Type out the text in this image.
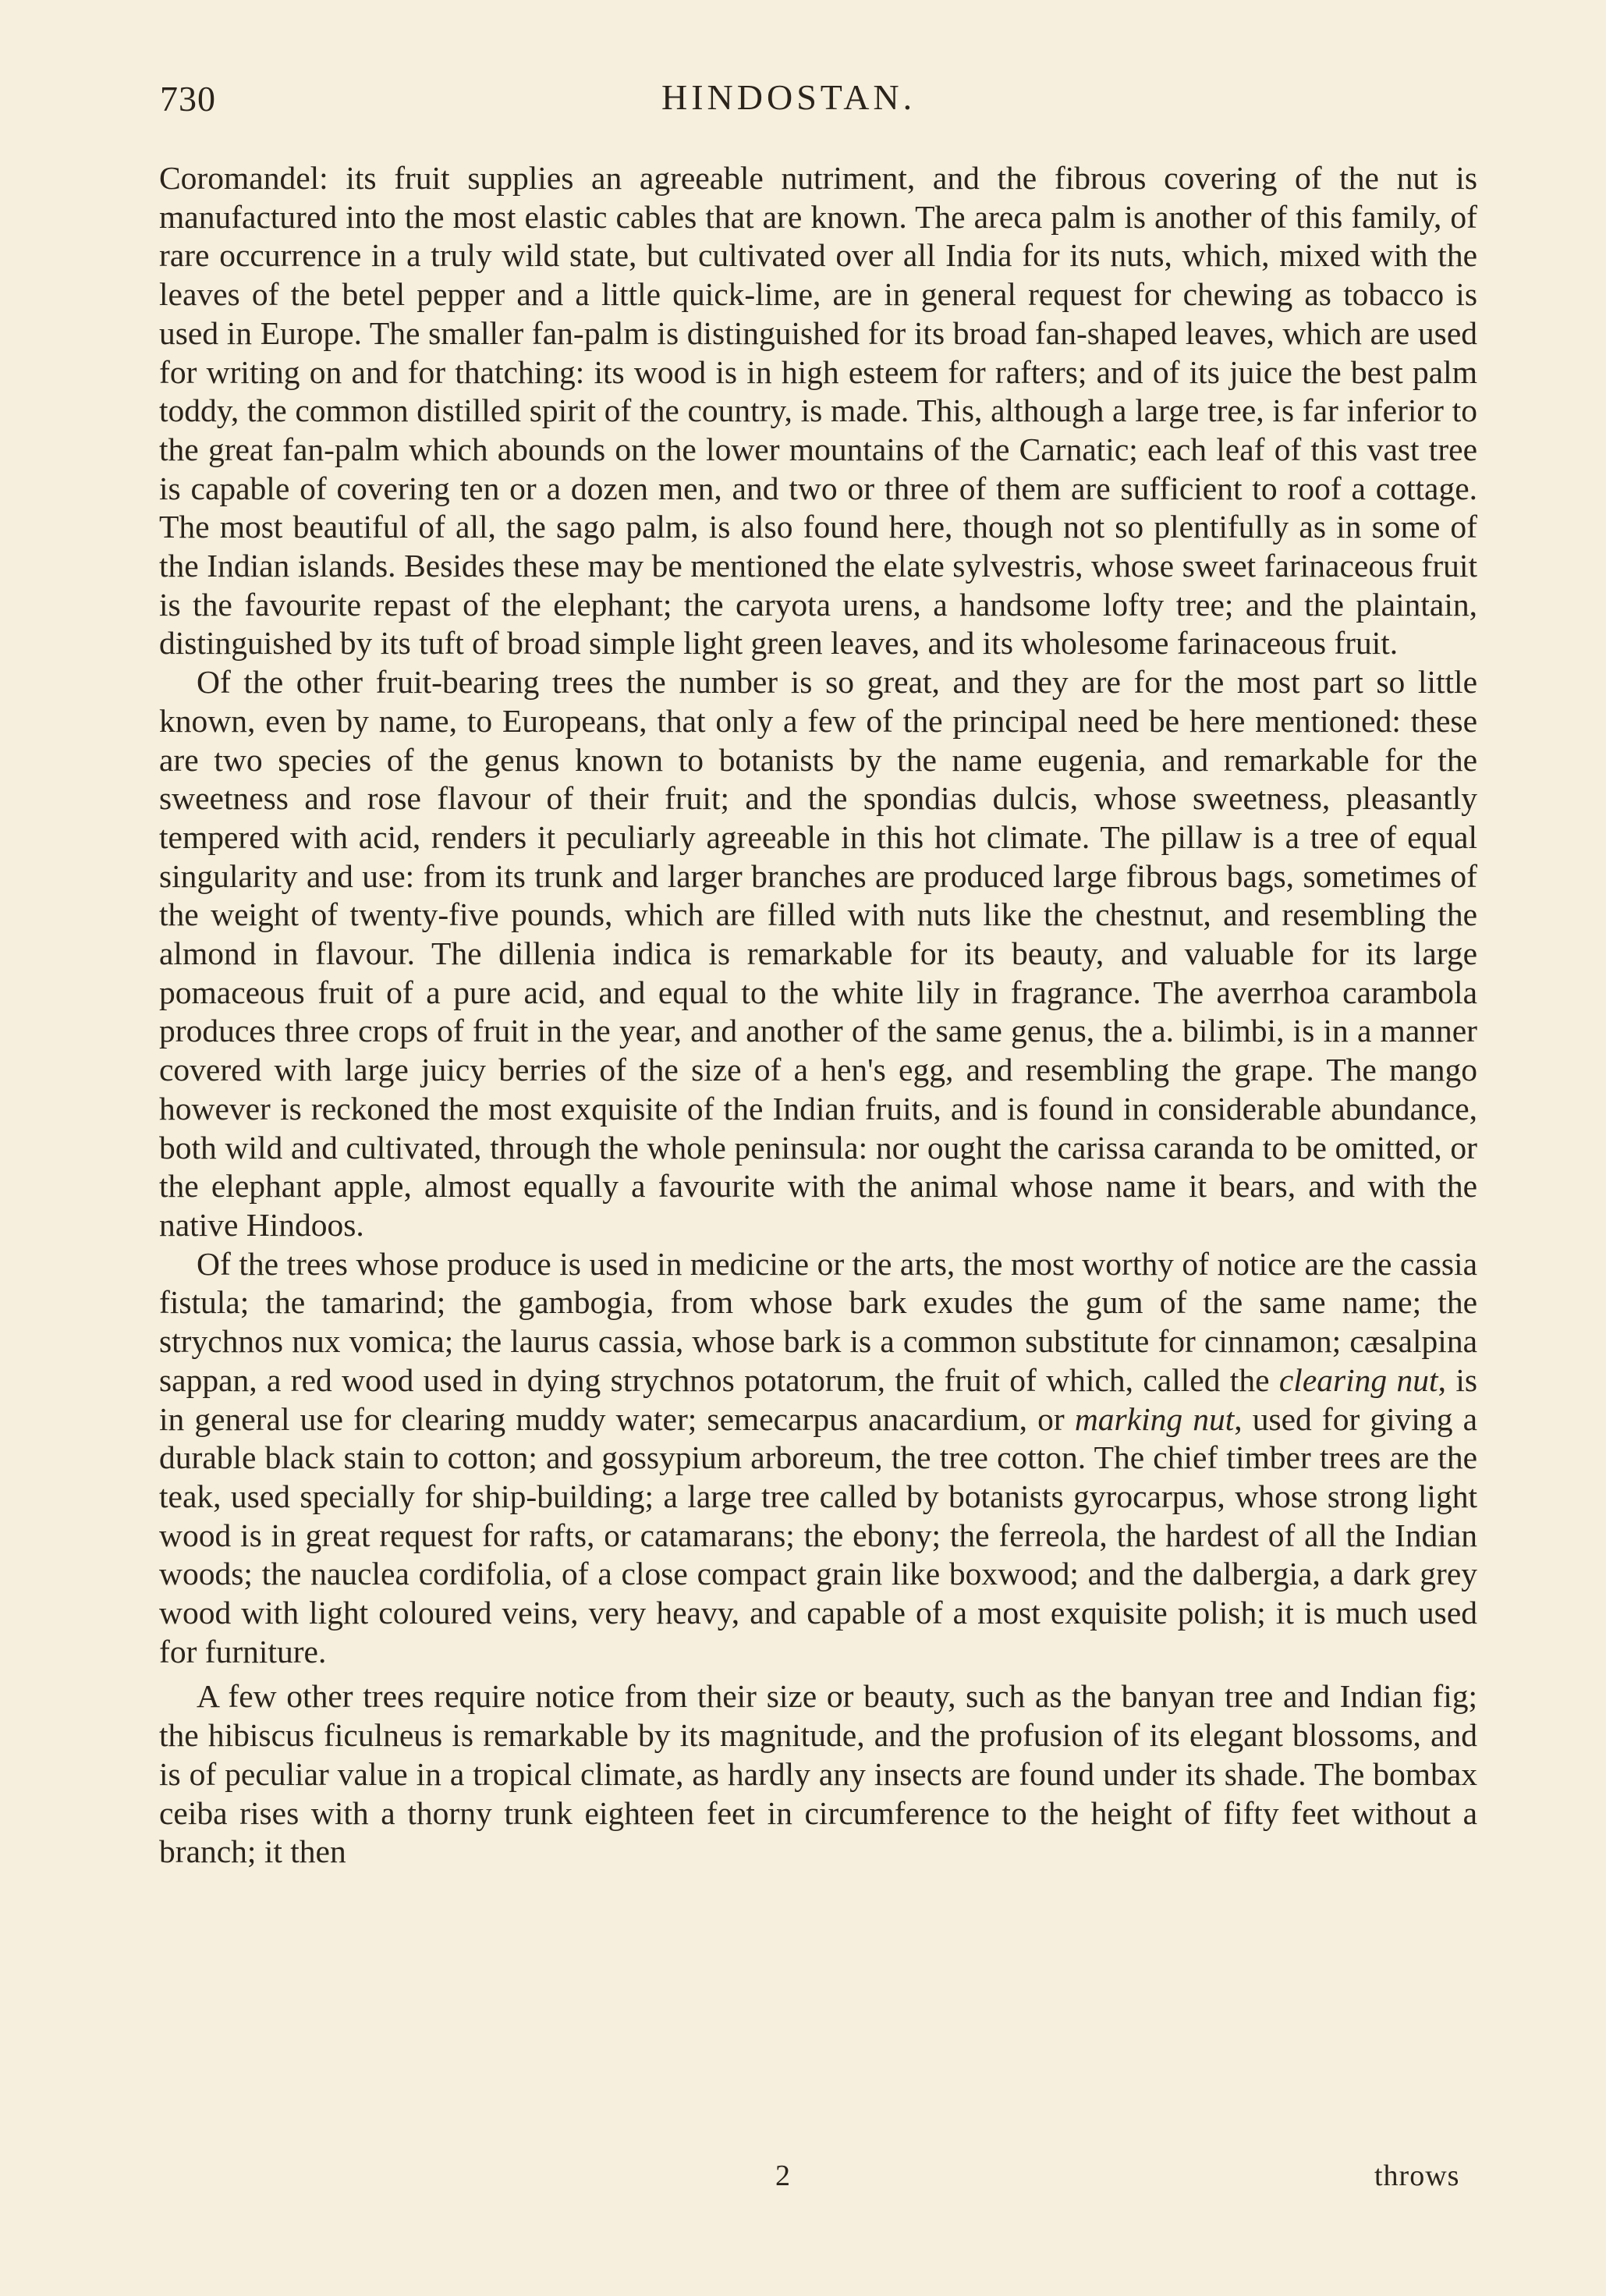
730	HINDOSTAN.

Coromandel: its fruit supplies an agreeable nutriment, and the fibrous covering of the nut is manufactured into the most elastic cables that are known. The areca palm is another of this family, of rare occurrence in a truly wild state, but cultivated over all India for its nuts, which, mixed with the leaves of the betel pepper and a little quick-lime, are in general request for chewing as tobacco is used in Europe. The smaller fan-palm is distinguished for its broad fan-shaped leaves, which are used for writing on and for thatching: its wood is in high esteem for rafters; and of its juice the best palm toddy, the common distilled spirit of the country, is made. This, although a large tree, is far inferior to the great fan-palm which abounds on the lower mountains of the Carnatic; each leaf of this vast tree is capable of covering ten or a dozen men, and two or three of them are sufficient to roof a cottage. The most beautiful of all, the sago palm, is also found here, though not so plentifully as in some of the Indian islands. Besides these may be mentioned the elate sylvestris, whose sweet farinaceous fruit is the favourite repast of the elephant; the caryota urens, a handsome lofty tree; and the plaintain, distinguished by its tuft of broad simple light green leaves, and its wholesome farinaceous fruit.

Of the other fruit-bearing trees the number is so great, and they are for the most part so little known, even by name, to Europeans, that only a few of the principal need be here mentioned: these are two species of the genus known to botanists by the name eugenia, and remarkable for the sweetness and rose flavour of their fruit; and the spondias dulcis, whose sweetness, pleasantly tempered with acid, renders it peculiarly agreeable in this hot climate. The pillaw is a tree of equal singularity and use: from its trunk and larger branches are produced large fibrous bags, sometimes of the weight of twenty-five pounds, which are filled with nuts like the chestnut, and resembling the almond in flavour. The dillenia indica is remarkable for its beauty, and valuable for its large pomaceous fruit of a pure acid, and equal to the white lily in fragrance. The averrhoa carambola produces three crops of fruit in the year, and another of the same genus, the a. bilimbi, is in a manner covered with large juicy berries of the size of a hen's egg, and resembling the grape. The mango however is reckoned the most exquisite of the Indian fruits, and is found in considerable abundance, both wild and cultivated, through the whole peninsula: nor ought the carissa caranda to be omitted, or the elephant apple, almost equally a favourite with the animal whose name it bears, and with the native Hindoos.

Of the trees whose produce is used in medicine or the arts, the most worthy of notice are the cassia fistula; the tamarind; the gambogia, from whose bark exudes the gum of the same name; the strychnos nux vomica; the laurus cassia, whose bark is a common substitute for cinnamon; cæsalpina sappan, a red wood used in dying strychnos potatorum, the fruit of which, called the clearing nut, is in general use for clearing muddy water; semecarpus anacardium, or marking nut, used for giving a durable black stain to cotton; and gossypium arboreum, the tree cotton. The chief timber trees are the teak, used specially for ship-building; a large tree called by botanists gyrocarpus, whose strong light wood is in great request for rafts, or catamarans; the ebony; the ferreola, the hardest of all the Indian woods; the nauclea cordifolia, of a close compact grain like boxwood; and the dalbergia, a dark grey wood with light coloured veins, very heavy, and capable of a most exquisite polish; it is much used for furniture.

A few other trees require notice from their size or beauty, such as the banyan tree and Indian fig; the hibiscus ficulneus is remarkable by its magnitude, and the profusion of its elegant blossoms, and is of peculiar value in a tropical climate, as hardly any insects are found under its shade. The bombax ceiba rises with a thorny trunk eighteen feet in circumference to the height of fifty feet without a branch; it then

2	throws
